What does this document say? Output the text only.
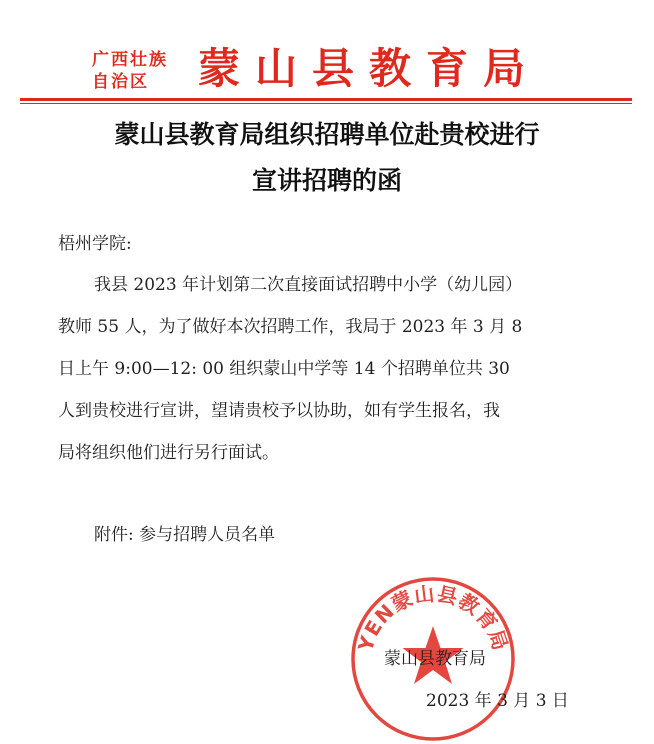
广西壮族
自治区 蒙山县教育局
蒙山县教育局组织招聘单位赴贵校进行
宣讲招聘的函
梧州学院:
我县 2023 年计划第二次直接面试招聘中小学（幼儿园）
教师 55 人，为了做好本次招聘工作，我局于 2023 年 3 月 8
日上午 9:00—12: 00 组织蒙山中学等 14 个招聘单位共 30
人到贵校进行宣讲，望请贵校予以协助，如有学生报名，我
局将组织他们进行另行面试。
附件: 参与招聘人员名单
YEN蒙山县教育局
蒙山县教育局
2023 年 3 月 3 日
